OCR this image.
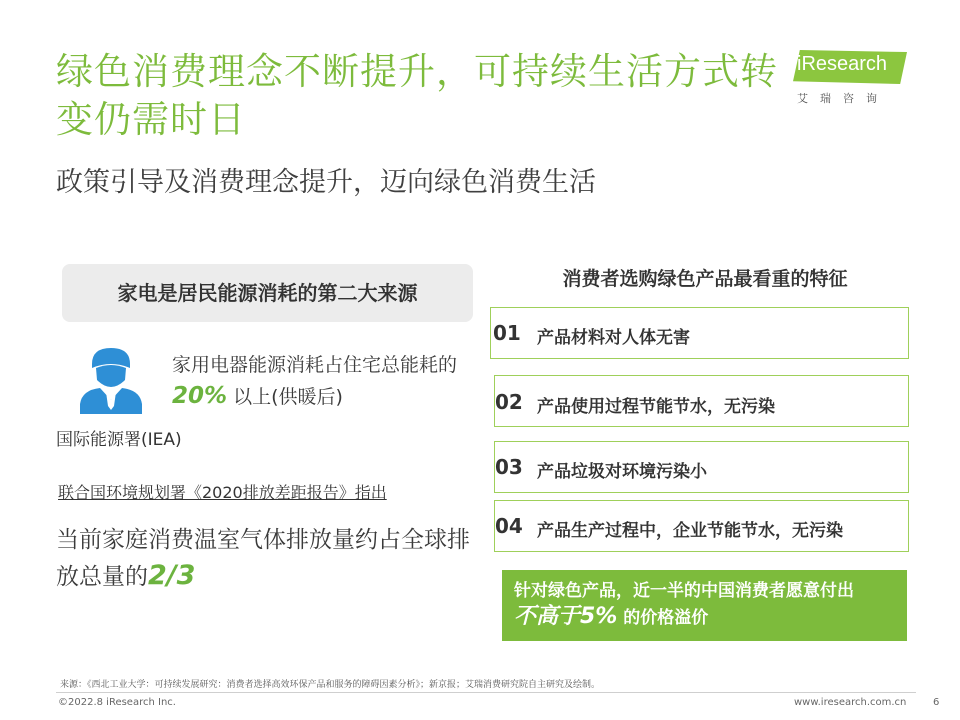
绿色消费理念不断提升，可持续生活方式转变仍需时日
政策引导及消费理念提升，迈向绿色消费生活
iResearch
艾瑞咨询
家电是居民能源消耗的第二大来源
家用电器能源消耗占住宅总能耗的20% 以上(供暖后)
国际能源署(IEA)
联合国环境规划署《2020排放差距报告》指出
当前家庭消费温室气体排放量约占全球排放总量的2/3
消费者选购绿色产品最看重的特征
01 产品材料对人体无害
02 产品使用过程节能节水，无污染
03 产品垃圾对环境污染小
04 产品生产过程中，企业节能节水，无污染
针对绿色产品，近一半的中国消费者愿意付出
不高于5% 的价格溢价
来源：《西北工业大学：可持续发展研究：消费者选择高效环保产品和服务的障碍因素分析》；新京报；艾瑞消费研究院自主研究及绘制。
©2022.8 iResearch Inc.	www.iresearch.com.cn	6
